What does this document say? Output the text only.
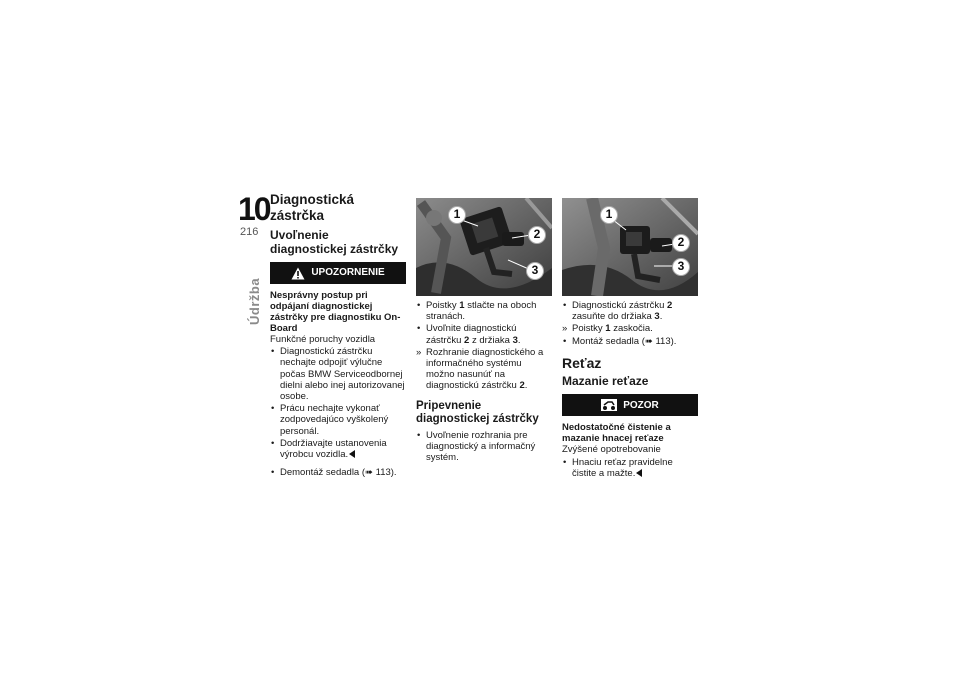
10
216
Údržba
Diagnostická zástrčka
Uvoľnenie diagnostickej zástrčky
UPOZORNENIE
Nesprávny postup pri odpájaní diagnostickej zástrčky pre diagnostiku On-Board
Funkčné poruchy vozidla
• Diagnostickú zástrčku nechajte odpojiť výlučne počas BMW Serviceodbornej dielni alebo inej autorizovanej osobe.
• Prácu nechajte vykonať zodpovedajúco vyškolený personál.
• Dodržiavajte ustanovenia výrobcu vozidla.
• Demontáž sedadla (➠ 113).
1
2
3
• Poistky 1 stlačte na oboch stranách.
• Uvoľnite diagnostickú zástrčku 2 z držiaka 3.
» Rozhranie diagnostického a informačného systému možno nasunúť na diagnostickú zástrčku 2.
Pripevnenie diagnostickej zástrčky
• Uvoľnenie rozhrania pre diagnostický a informačný systém.
1
2
3
• Diagnostickú zástrčku 2 zasuňte do držiaka 3.
» Poistky 1 zaskočia.
• Montáž sedadla (➠ 113).
Reťaz
Mazanie reťaze
POZOR
Nedostatočné čistenie a mazanie hnacej reťaze
Zvýšené opotrebovanie
• Hnaciu reťaz pravidelne čistite a mažte.
